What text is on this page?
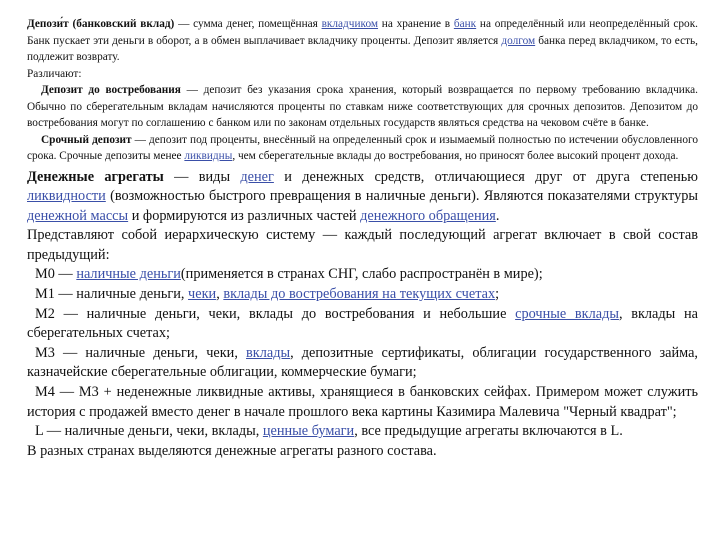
Депози́т (банковский вклад) — сумма денег, помещённая вкладчиком на хранение в банк на определённый или неопределённый срок. Банк пускает эти деньги в оборот, а в обмен выплачивает вкладчику проценты. Депозит является долгом банка перед вкладчиком, то есть, подлежит возврату.

Различают:

Депозит до востребования — депозит без указания срока хранения, который возвращается по первому требованию вкладчика. Обычно по сберегательным вкладам начисляются проценты по ставкам ниже соответствующих для срочных депозитов. Депозитом до востребования могут по соглашению с банком или по законам отдельных государств являться средства на чековом счёте в банке.

Срочный депозит — депозит под проценты, внесённый на определенный срок и изымаемый полностью по истечении обусловленного срока. Срочные депозиты менее ликвидны, чем сберегательные вклады до востребования, но приносят более высокий процент дохода.

Денежные агрегаты — виды денег и денежных средств, отличающиеся друг от друга степенью ликвидности (возможностью быстрого превращения в наличные деньги). Являются показателями структуры денежной массы и формируются из различных частей денежного обращения.

Представляют собой иерархическую систему — каждый последующий агрегат включает в свой состав предыдущий:

М0 — наличные деньги(применяется в странах СНГ, слабо распространён в мире);

М1 — наличные деньги, чеки, вклады до востребования на текущих счетах;

М2 — наличные деньги, чеки, вклады до востребования и небольшие срочные вклады, вклады на сберегательных счетах;

М3 — наличные деньги, чеки, вклады, депозитные сертификаты, облигации государственного займа, казначейские сберегательные облигации, коммерческие бумаги;

М4 — М3 + неденежные ликвидные активы, хранящиеся в банковских сейфах. Примером может служить история с продажей вместо денег в начале прошлого века картины Казимира Малевича "Черный квадрат";

L — наличные деньги, чеки, вклады, ценные бумаги, все предыдущие агрегаты включаются в L.

В разных странах выделяются денежные агрегаты разного состава.
